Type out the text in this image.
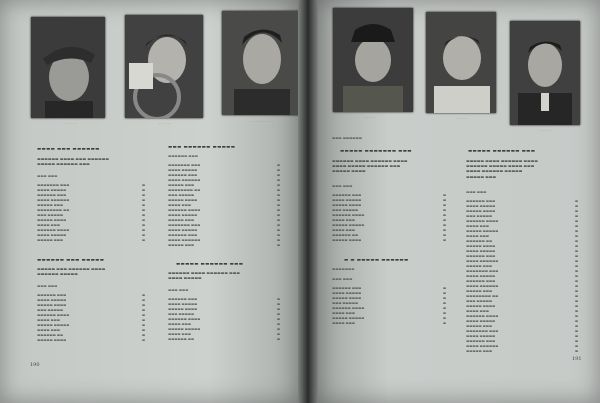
· · · · · ·	· · · · · ·	· · · · · · · · · ·
▬▬▬▬ ▬▬▬ ▬▬▬▬▬▬
▬▬▬▬▬▬ ▬▬▬▬ ▬▬▬ ▬▬▬▬▬▬
▬▬▬▬▬ ▬▬▬▬▬▬ ▬▬▬
▬▬▬ ▬▬▬
▬▬▬▬▬▬▬ ▬▬▬	▬
▬▬▬▬ ▬▬▬▬▬	▬
▬▬▬▬▬▬ ▬▬▬	▬
▬▬▬▬ ▬▬▬▬▬▬	▬
▬▬▬▬▬ ▬▬▬	▬
▬▬▬▬▬▬▬▬ ▬▬	▬
▬▬▬ ▬▬▬▬▬	▬
▬▬▬▬▬ ▬▬▬▬	▬
▬▬▬▬ ▬▬▬	▬
▬▬▬▬▬▬ ▬▬▬▬	▬
▬▬▬▬ ▬▬▬▬▬	▬
▬▬▬▬▬ ▬▬▬	▬
▬▬▬▬▬▬ ▬▬▬ ▬▬▬▬▬
▬▬▬▬▬ ▬▬▬ ▬▬▬▬▬▬ ▬▬▬▬
▬▬▬▬▬▬ ▬▬▬▬▬
▬▬▬ ▬▬▬
▬▬▬▬▬▬ ▬▬▬	▬
▬▬▬▬ ▬▬▬▬▬	▬
▬▬▬▬▬ ▬▬▬▬	▬
▬▬▬ ▬▬▬▬▬	▬
▬▬▬▬▬▬ ▬▬▬▬	▬
▬▬▬▬ ▬▬▬	▬
▬▬▬▬▬ ▬▬▬▬▬	▬
▬▬▬▬ ▬▬▬	▬
▬▬▬▬▬▬ ▬▬	▬
▬▬▬▬▬ ▬▬▬▬	▬
▬▬▬ ▬▬▬▬▬▬ ▬▬▬▬▬
▬▬▬▬▬▬ ▬▬▬
▬▬▬▬▬▬▬ ▬▬▬	▬
▬▬▬▬ ▬▬▬▬▬	▬
▬▬▬▬▬▬ ▬▬▬	▬
▬▬▬▬ ▬▬▬▬▬▬	▬
▬▬▬▬▬ ▬▬▬	▬
▬▬▬▬▬▬▬▬ ▬▬	▬
▬▬▬ ▬▬▬▬▬	▬
▬▬▬▬▬ ▬▬▬▬	▬
▬▬▬▬ ▬▬▬	▬
▬▬▬▬▬▬ ▬▬▬▬	▬
▬▬▬▬ ▬▬▬▬▬	▬
▬▬▬▬▬ ▬▬▬	▬
▬▬▬▬▬▬▬ ▬▬▬	▬
▬▬▬▬ ▬▬▬▬▬	▬
▬▬▬▬▬▬ ▬▬▬	▬
▬▬▬▬ ▬▬▬▬▬▬	▬
▬▬▬▬▬ ▬▬▬	▬
▬▬▬▬▬ ▬▬▬▬▬▬ ▬▬▬
▬▬▬▬▬▬ ▬▬▬▬ ▬▬▬▬▬▬ ▬▬▬
▬▬▬▬ ▬▬▬▬▬
▬▬▬ ▬▬▬
▬▬▬▬▬▬ ▬▬▬	▬
▬▬▬▬ ▬▬▬▬▬	▬
▬▬▬▬▬ ▬▬▬▬	▬
▬▬▬ ▬▬▬▬▬	▬
▬▬▬▬▬▬ ▬▬▬▬	▬
▬▬▬▬ ▬▬▬	▬
▬▬▬▬▬ ▬▬▬▬▬	▬
▬▬▬▬ ▬▬▬	▬
▬▬▬▬▬▬ ▬▬	▬
190
· · · · ·	· · · · ·
· · · · · ·
▬▬▬ ▬▬▬▬▬▬
▬▬▬▬▬ ▬▬▬▬▬▬▬ ▬▬▬
▬▬▬▬▬▬ ▬▬▬▬ ▬▬▬▬▬▬ ▬▬▬▬
▬▬▬▬ ▬▬▬▬▬ ▬▬▬▬▬▬ ▬▬▬
▬▬▬▬▬ ▬▬▬▬
▬▬▬ ▬▬▬
▬▬▬▬▬▬ ▬▬▬	▬
▬▬▬▬ ▬▬▬▬▬	▬
▬▬▬▬▬ ▬▬▬▬	▬
▬▬▬ ▬▬▬▬▬	▬
▬▬▬▬▬▬ ▬▬▬▬	▬
▬▬▬▬ ▬▬▬	▬
▬▬▬▬▬ ▬▬▬▬▬	▬
▬▬▬▬ ▬▬▬	▬
▬▬▬▬▬▬ ▬▬	▬
▬▬▬▬▬ ▬▬▬▬	▬
▬ ▬ ▬▬▬▬▬ ▬▬▬▬▬▬
▬▬▬▬▬▬▬
▬▬▬ ▬▬▬
▬▬▬▬▬▬ ▬▬▬	▬
▬▬▬▬ ▬▬▬▬▬	▬
▬▬▬▬▬ ▬▬▬▬	▬
▬▬▬ ▬▬▬▬▬	▬
▬▬▬▬▬▬ ▬▬▬▬	▬
▬▬▬▬ ▬▬▬	▬
▬▬▬▬▬ ▬▬▬▬▬	▬
▬▬▬▬ ▬▬▬	▬
▬▬▬▬▬ ▬▬▬▬▬▬ ▬▬▬
▬▬▬▬▬ ▬▬▬▬ ▬▬▬▬▬▬ ▬▬▬▬
▬▬▬▬▬▬ ▬▬▬▬▬ ▬▬▬▬ ▬▬▬
▬▬▬▬ ▬▬▬▬▬▬ ▬▬▬▬▬
▬▬▬▬▬ ▬▬▬
▬▬▬ ▬▬▬
▬▬▬▬▬▬ ▬▬▬	▬
▬▬▬▬ ▬▬▬▬▬	▬
▬▬▬▬▬ ▬▬▬▬	▬
▬▬▬ ▬▬▬▬▬	▬
▬▬▬▬▬▬ ▬▬▬▬	▬
▬▬▬▬ ▬▬▬	▬
▬▬▬▬▬ ▬▬▬▬▬	▬
▬▬▬▬ ▬▬▬	▬
▬▬▬▬▬▬ ▬▬	▬
▬▬▬▬▬ ▬▬▬▬	▬
▬▬▬▬ ▬▬▬▬▬	▬
▬▬▬▬▬▬ ▬▬▬	▬
▬▬▬▬ ▬▬▬▬▬▬	▬
▬▬▬▬▬ ▬▬▬	▬
▬▬▬▬▬▬▬ ▬▬▬	▬
▬▬▬▬ ▬▬▬▬▬	▬
▬▬▬▬▬▬ ▬▬▬	▬
▬▬▬▬ ▬▬▬▬▬▬	▬
▬▬▬▬▬ ▬▬▬	▬
▬▬▬▬▬▬▬▬ ▬▬	▬
▬▬▬ ▬▬▬▬▬	▬
▬▬▬▬▬ ▬▬▬▬	▬
▬▬▬▬ ▬▬▬	▬
▬▬▬▬▬▬ ▬▬▬▬	▬
▬▬▬▬ ▬▬▬▬▬	▬
▬▬▬▬▬ ▬▬▬	▬
▬▬▬▬▬▬▬ ▬▬▬	▬
▬▬▬▬ ▬▬▬▬▬	▬
▬▬▬▬▬▬ ▬▬▬	▬
▬▬▬▬ ▬▬▬▬▬▬	▬
▬▬▬▬▬ ▬▬▬	▬
191
